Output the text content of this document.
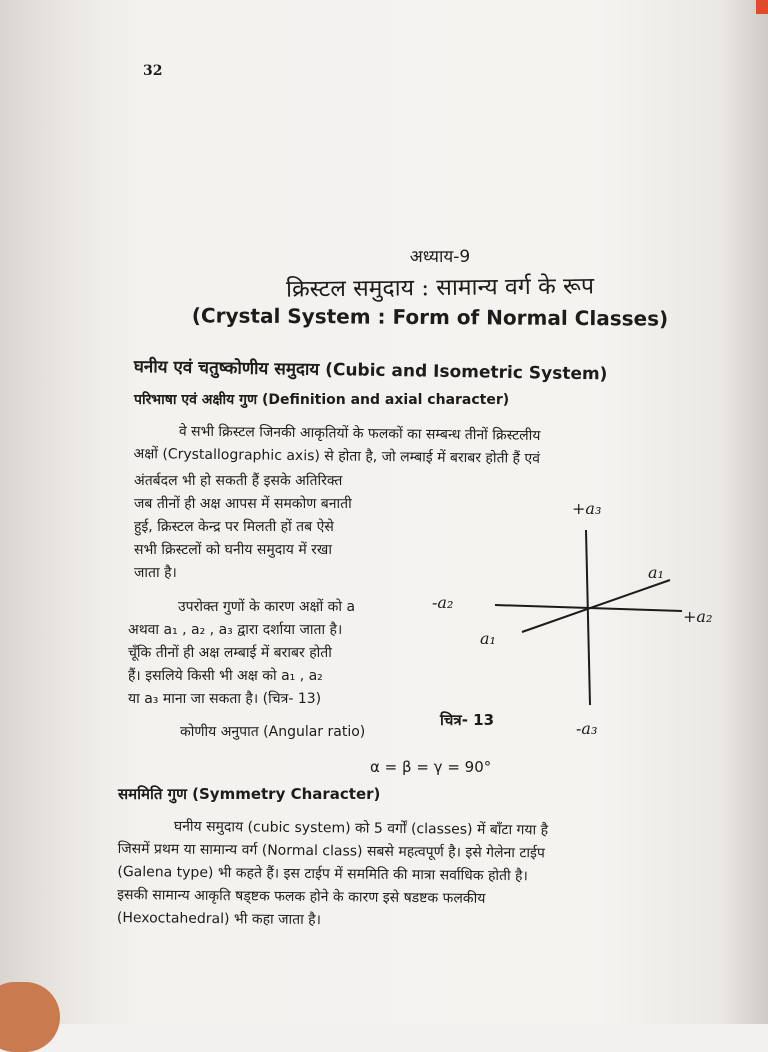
32
अध्याय-9
क्रिस्टल समुदाय : सामान्य वर्ग के रूप
(Crystal System : Form of Normal Classes)
घनीय एवं चतुष्कोणीय समुदाय (Cubic and Isometric System)
परिभाषा एवं अक्षीय गुण (Definition and axial character)
वे सभी क्रिस्टल जिनकी आकृतियों के फलकों का सम्बन्ध तीनों क्रिस्टलीय
अक्षों (Crystallographic axis) से होता है, जो लम्बाई में बराबर होती हैं एवं
अंतर्बदल भी हो सकती हैं इसके अतिरिक्त
जब तीनों ही अक्ष आपस में समकोण बनाती
हुई, क्रिस्टल केन्द्र पर मिलती हों तब ऐसे
सभी क्रिस्टलों को घनीय समुदाय में रखा
जाता है।
उपरोक्त गुणों के कारण अक्षों को a
अथवा a₁ , a₂ , a₃ द्वारा दर्शाया जाता है।
चूँकि तीनों ही अक्ष लम्बाई में बराबर होती
हैं। इसलिये किसी भी अक्ष को a₁ , a₂
या a₃ माना जा सकता है। (चित्र- 13)
कोणीय अनुपात (Angular ratio)
α = β = γ = 90°
सममिति गुण (Symmetry Character)
घनीय समुदाय (cubic system) को 5 वर्गों (classes) में बाँटा गया है
जिसमें प्रथम या सामान्य वर्ग (Normal class) सबसे महत्वपूर्ण है। इसे गेलेना टाईप
(Galena type) भी कहते हैं। इस टाईप में सममिति की मात्रा सर्वाधिक होती है।
इसकी सामान्य आकृति षड्ष्टक फलक होने के कारण इसे षडष्टक फलकीय
(Hexoctahedral) भी कहा जाता है।
+a₃
-a₃
-a₂
+a₂
a₁
a₁
चित्र- 13
